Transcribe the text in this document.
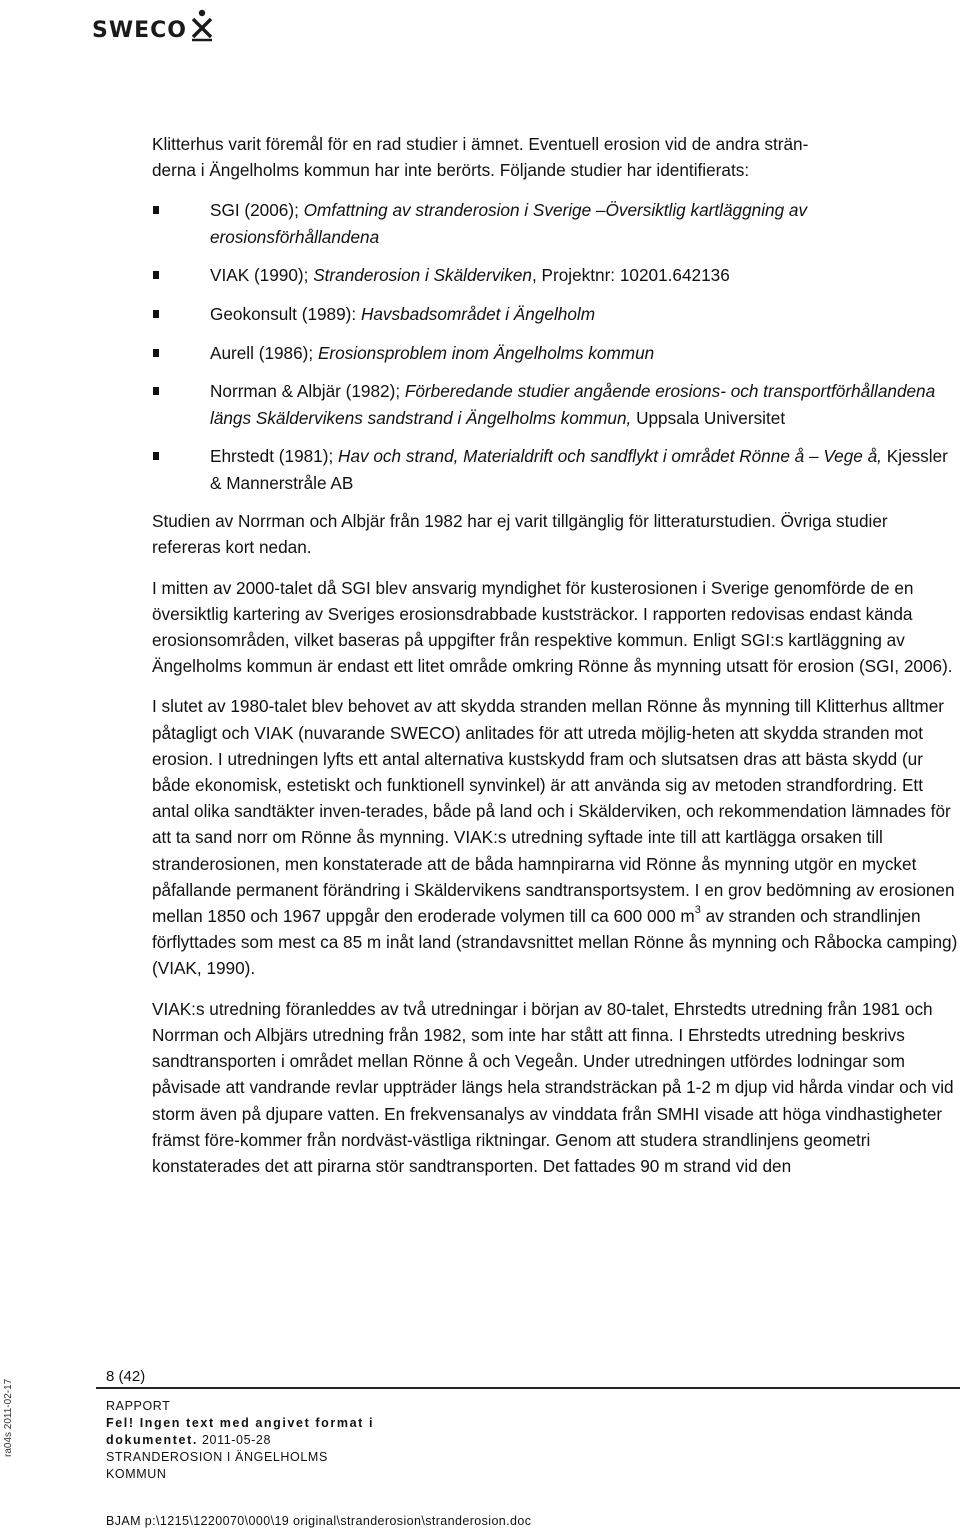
SWECO

Klitterhus varit föremål för en rad studier i ämnet. Eventuell erosion vid de andra strän-
derna i Ängelholms kommun har inte berörts. Följande studier har identifierats:

SGI (2006); Omfattning av stranderosion i Sverige –Översiktlig kartläggning av erosionsförhållandena
VIAK (1990); Stranderosion i Skälderviken, Projektnr: 10201.642136
Geokonsult (1989): Havsbadsområdet i Ängelholm
Aurell (1986); Erosionsproblem inom Ängelholms kommun
Norrman & Albjär (1982); Förberedande studier angående erosions- och transportförhållandena längs Skäldervikens sandstrand i Ängelholms kommun, Uppsala Universitet
Ehrstedt (1981); Hav och strand, Materialdrift och sandflykt i området Rönne å – Vege å, Kjessler & Mannerstråle AB

Studien av Norrman och Albjär från 1982 har ej varit tillgänglig för litteraturstudien. Övriga studier refereras kort nedan.

I mitten av 2000-talet då SGI blev ansvarig myndighet för kusterosionen i Sverige genomförde de en översiktlig kartering av Sveriges erosionsdrabbade kuststräckor. I rapporten redovisas endast kända erosionsområden, vilket baseras på uppgifter från respektive kommun. Enligt SGI:s kartläggning av Ängelholms kommun är endast ett litet område omkring Rönne ås mynning utsatt för erosion (SGI, 2006).

I slutet av 1980-talet blev behovet av att skydda stranden mellan Rönne ås mynning till Klitterhus alltmer påtagligt och VIAK (nuvarande SWECO) anlitades för att utreda möjlig-heten att skydda stranden mot erosion. I utredningen lyfts ett antal alternativa kustskydd fram och slutsatsen dras att bästa skydd (ur både ekonomisk, estetiskt och funktionell synvinkel) är att använda sig av metoden strandfordring. Ett antal olika sandtäkter inven-terades, både på land och i Skälderviken, och rekommendation lämnades för att ta sand norr om Rönne ås mynning. VIAK:s utredning syftade inte till att kartlägga orsaken till stranderosionen, men konstaterade att de båda hamnpirarna vid Rönne ås mynning utgör en mycket påfallande permanent förändring i Skäldervikens sandtransportsystem. I en grov bedömning av erosionen mellan 1850 och 1967 uppgår den eroderade volymen till ca 600 000 $m^3$ av stranden och strandlinjen förflyttades som mest ca 85 m inåt land (strandavsnittet mellan Rönne ås mynning och Råbocka camping) (VIAK, 1990).

VIAK:s utredning föranleddes av två utredningar i början av 80-talet, Ehrstedts utredning från 1981 och Norrman och Albjärs utredning från 1982, som inte har stått att finna. I Ehrstedts utredning beskrivs sandtransporten i området mellan Rönne å och Vegeån. Under utredningen utfördes lodningar som påvisade att vandrande revlar uppträder längs hela strandsträckan på 1-2 m djup vid hårda vindar och vid storm även på djupare vatten. En frekvensanalys av vinddata från SMHI visade att höga vindhastigheter främst före-kommer från nordväst-västliga riktningar. Genom att studera strandlinjens geometri konstaterades det att pirarna stör sandtransporten. Det fattades 90 m strand vid den

8 (42)
ra04s 2011-02-17	RAPPORT
Fel! Ingen text med angivet format i
dokumentet. 2011-05-28
STRANDEROSION I ÄNGELHOLMS
KOMMUN
BJAM p:\1215\1220070\000\19 original\stranderosion\stranderosion.doc
